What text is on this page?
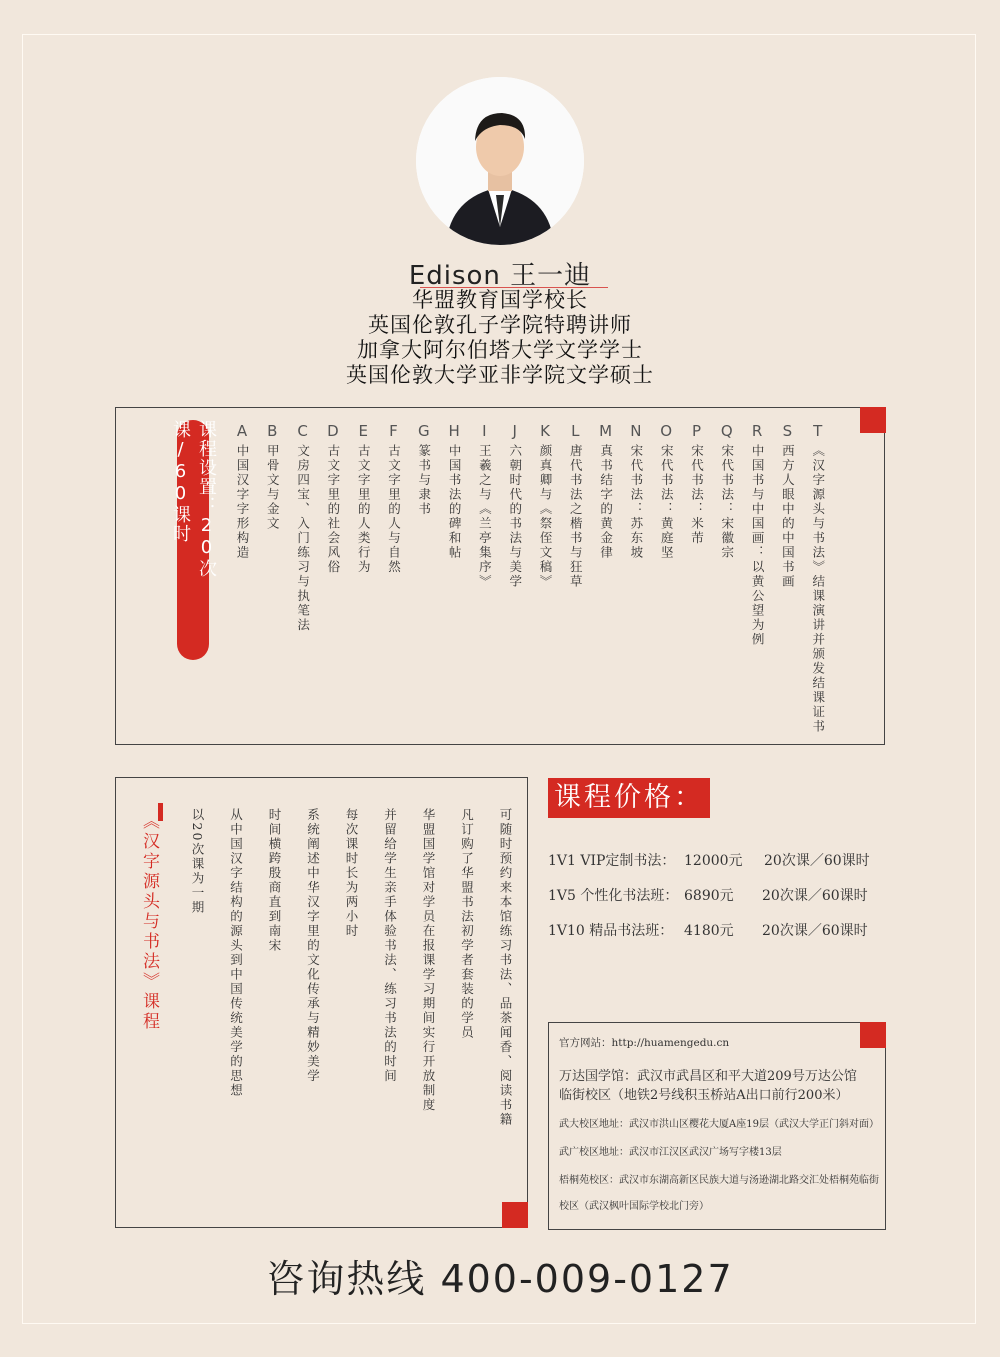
Edison 王一迪
华盟教育国学校长
英国伦敦孔子学院特聘讲师
加拿大阿尔伯塔大学文学学士
英国伦敦大学亚非学院文学硕士
课程设置：20次课/60课时	A
中国汉字字形构造
B
甲骨文与金文
C
文房四宝、入门练习与执笔法
D
古文字里的社会风俗
E
古文字里的人类行为
F
古文字里的人与自然
G
篆书与隶书
H
中国书法的碑和帖
I
王羲之与《兰亭集序》
J
六朝时代的书法与美学
K
颜真卿与《祭侄文稿》
L
唐代书法之楷书与狂草
M
真书结字的黄金律
N
宋代书法：苏东坡
O
宋代书法：黄庭坚
P
宋代书法：米芾
Q
宋代书法：宋徽宗
R
中国书与中国画：以黄公望为例
S
西方人眼中的中国书画
T
《汉字源头与书法》结课演讲并颁发结课证书
《汉字源头与书法》课程 以20次课为一期 从中国汉字结构的源头到中国传统美学的思想 时间横跨殷商直到南宋 系统阐述中华汉字里的文化传承与精妙美学 每次课时长为两小时 并留给学生亲手体验书法、练习书法的时间 华盟国学馆对学员在报课学习期间实行开放制度 凡订购了华盟书法初学者套装的学员 可随时预约来本馆练习书法、品茶闻香、阅读书籍
课程价格：
1V1 VIP定制书法： 12000元 20次课／60课时
1V5 个性化书法班： 6890元 20次课／60课时
1V10 精品书法班： 4180元 20次课／60课时
官方网站：http://huamengedu.cn
万达国学馆：武汉市武昌区和平大道209号万达公馆
临街校区（地铁2号线积玉桥站A出口前行200米）
武大校区地址：武汉市洪山区樱花大厦A座19层（武汉大学正门斜对面）
武广校区地址：武汉市江汉区武汉广场写字楼13层
梧桐苑校区：武汉市东湖高新区民族大道与汤逊湖北路交汇处梧桐苑临街
校区（武汉枫叶国际学校北门旁）
咨询热线 400-009-0127
